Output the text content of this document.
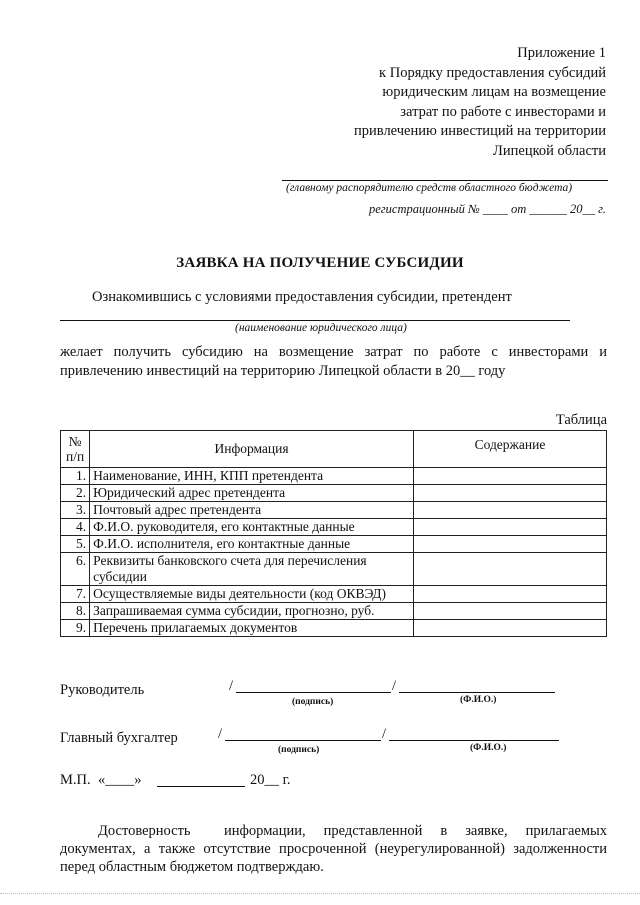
Приложение 1
к Порядку предоставления субсидий
юридическим лицам на возмещение
затрат по работе с инвесторами и
привлечению инвестиций на территории
Липецкой области
(главному распорядителю средств областного бюджета)
регистрационный № ____ от ______ 20__ г.
ЗАЯВКА НА ПОЛУЧЕНИЕ СУБСИДИИ
Ознакомившись с условиями предоставления субсидии, претендент
(наименование юридического лица)
желает получить субсидию на возмещение затрат по работе с инвесторами и
привлечению инвестиций на территорию Липецкой области в 20__ году
Таблица
№ п/п	Информация	Содержание
1.	Наименование, ИНН, КПП претендента	
2.	Юридический адрес претендента	
3.	Почтовый адрес претендента	
4.	Ф.И.О. руководителя, его контактные данные	
5.	Ф.И.О. исполнителя, его контактные данные	
6.	Реквизиты банковского счета для перечисления субсидии	
7.	Осуществляемые виды деятельности (код ОКВЭД)	
8.	Запрашиваемая сумма субсидии, прогнозно, руб.	
9.	Перечень прилагаемых документов	
Руководитель	/	/
(подпись)	(Ф.И.О.)
Главный бухгалтер	/	/
(подпись)	(Ф.И.О.)
М.П. «____»	20__ г.
Достоверность информации, представленной в заявке, прилагаемых
документах, а также отсутствие просроченной (неурегулированной) задолженности
перед областным бюджетом подтверждаю.
